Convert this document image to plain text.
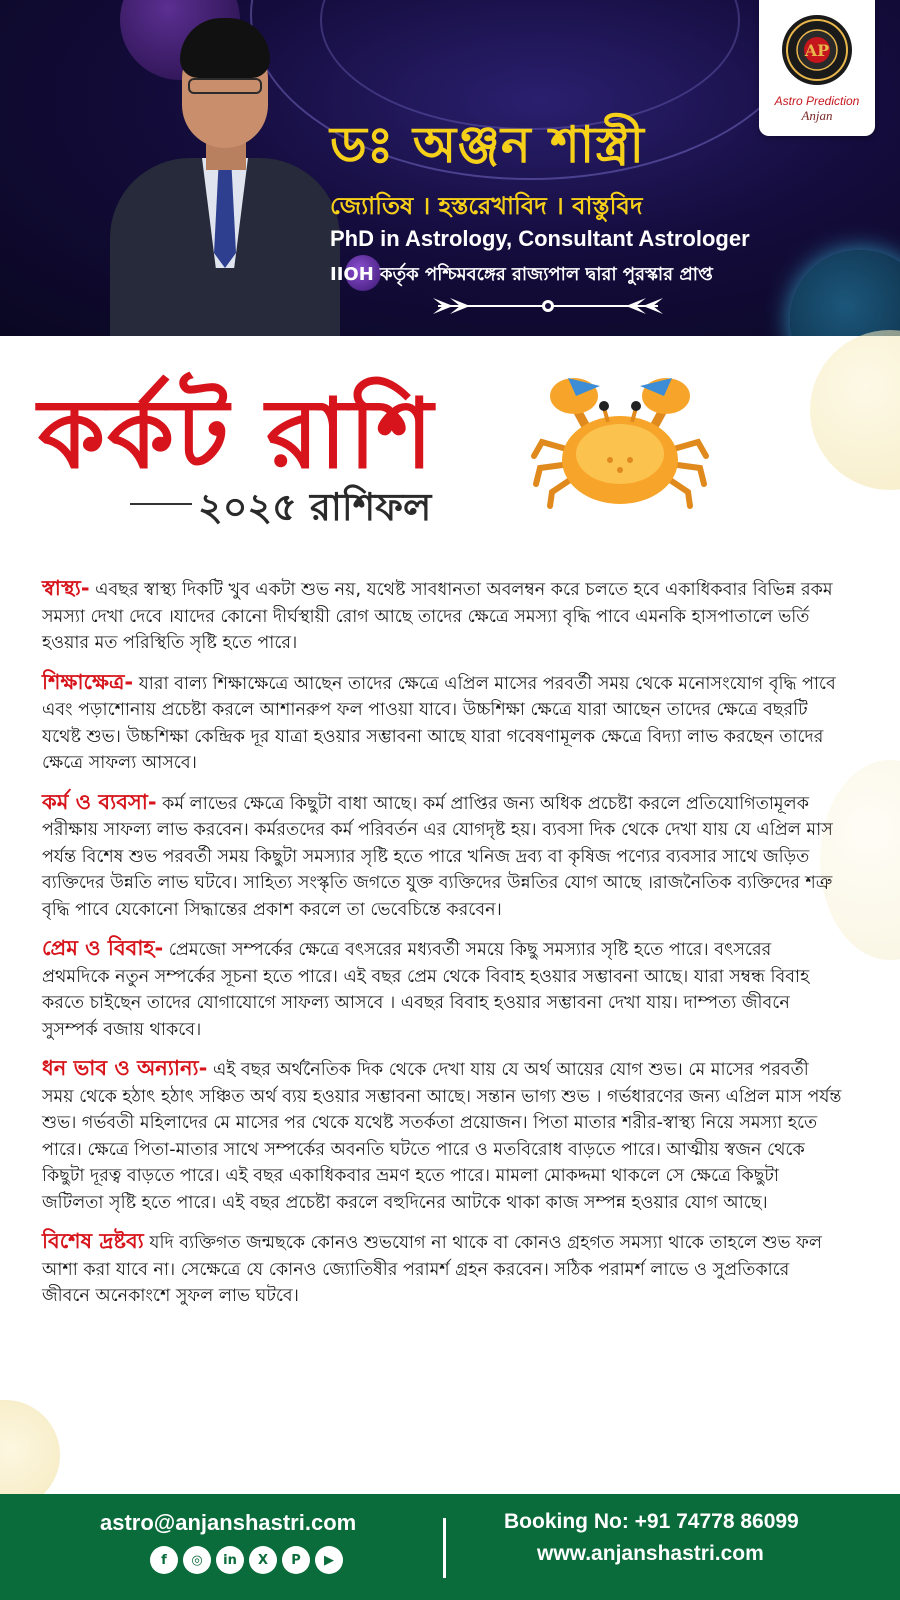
ডঃ অঞ্জন শাস্ত্রী
জ্যোতিষ । হস্তরেখাবিদ । বাস্তুবিদ
PhD in Astrology, Consultant Astrologer
IIOH কর্তৃক পশ্চিমবঙ্গের রাজ্যপাল দ্বারা পুরস্কার প্রাপ্ত
AP
Astro Prediction
Anjan
কর্কট রাশি
২০২৫ রাশিফল

স্বাস্থ্য- এবছর স্বাস্থ্য দিকটি খুব একটা শুভ নয়, যথেষ্ট সাবধানতা অবলম্বন করে চলতে হবে একাধিকবার বিভিন্ন রকম সমস্যা দেখা দেবে ।যাদের কোনো দীর্ঘস্থায়ী রোগ আছে তাদের ক্ষেত্রে সমস্যা বৃদ্ধি পাবে এমনকি হাসপাতালে ভর্তি হওয়ার মত পরিস্থিতি সৃষ্টি হতে পারে।

শিক্ষাক্ষেত্র- যারা বাল্য শিক্ষাক্ষেত্রে আছেন তাদের ক্ষেত্রে এপ্রিল মাসের পরবর্তী সময় থেকে মনোসংযোগ বৃদ্ধি পাবে এবং পড়াশোনায় প্রচেষ্টা করলে আশানরুপ ফল পাওয়া যাবে। উচ্চশিক্ষা ক্ষেত্রে যারা আছেন তাদের ক্ষেত্রে বছরটি যথেষ্ট শুভ। উচ্চশিক্ষা কেন্দ্রিক দূর যাত্রা হওয়ার সম্ভাবনা আছে যারা গবেষণামূলক ক্ষেত্রে বিদ্যা লাভ করছেন তাদের ক্ষেত্রে সাফল্য আসবে।

কর্ম ও ব্যবসা- কর্ম লাভের ক্ষেত্রে কিছুটা বাধা আছে। কর্ম প্রাপ্তির জন্য অধিক প্রচেষ্টা করলে প্রতিযোগিতামূলক পরীক্ষায় সাফল্য লাভ করবেন। কর্মরতদের কর্ম পরিবর্তন এর যোগদৃষ্ট হয়। ব্যবসা দিক থেকে দেখা যায় যে এপ্রিল মাস পর্যন্ত বিশেষ শুভ পরবর্তী সময় কিছুটা সমস্যার সৃষ্টি হতে পারে খনিজ দ্রব্য বা কৃষিজ পণ্যের ব্যবসার সাথে জড়িত ব্যক্তিদের উন্নতি লাভ ঘটবে। সাহিত্য সংস্কৃতি জগতে যুক্ত ব্যক্তিদের উন্নতির যোগ আছে ।রাজনৈতিক ব্যক্তিদের শত্রু বৃদ্ধি পাবে যেকোনো সিদ্ধান্তের প্রকাশ করলে তা ভেবেচিন্তে করবেন।

প্রেম ও বিবাহ- প্রেমজো সম্পর্কের ক্ষেত্রে বৎসরের মধ্যবর্তী সময়ে কিছু সমস্যার সৃষ্টি হতে পারে। বৎসরের প্রথমদিকে নতুন সম্পর্কের সূচনা হতে পারে। এই বছর প্রেম থেকে বিবাহ হওয়ার সম্ভাবনা আছে। যারা সম্বন্ধ বিবাহ করতে চাইছেন তাদের যোগাযোগে সাফল্য আসবে । এবছর বিবাহ হওয়ার সম্ভাবনা দেখা যায়। দাম্পত্য জীবনে সুসম্পর্ক বজায় থাকবে।

ধন ভাব ও অন্যান্য- এই বছর অর্থনৈতিক দিক থেকে দেখা যায় যে অর্থ আয়ের যোগ শুভ। মে মাসের পরবর্তী সময় থেকে হঠাৎ হঠাৎ সঞ্চিত অর্থ ব্যয় হওয়ার সম্ভাবনা আছে। সন্তান ভাগ্য শুভ । গর্ভধারণের জন্য এপ্রিল মাস পর্যন্ত শুভ। গর্ভবতী মহিলাদের মে মাসের পর থেকে যথেষ্ট সতর্কতা প্রয়োজন। পিতা মাতার শরীর-স্বাস্থ্য নিয়ে সমস্যা হতে পারে। ক্ষেত্রে পিতা-মাতার সাথে সম্পর্কের অবনতি ঘটতে পারে ও মতবিরোধ বাড়তে পারে। আত্মীয় স্বজন থেকে কিছুটা দূরত্ব বাড়তে পারে। এই বছর একাধিকবার ভ্রমণ হতে পারে। মামলা মোকদ্দমা থাকলে সে ক্ষেত্রে কিছুটা জটিলতা সৃষ্টি হতে পারে। এই বছর প্রচেষ্টা করলে বহুদিনের আটকে থাকা কাজ সম্পন্ন হওয়ার যোগ আছে।

বিশেষ দ্রষ্টব্য যদি ব্যক্তিগত জন্মছকে কোনও শুভযোগ না থাকে বা কোনও গ্রহগত সমস্যা থাকে তাহলে শুভ ফল আশা করা যাবে না। সেক্ষেত্রে যে কোনও জ্যোতিষীর পরামর্শ গ্রহন করবেন। সঠিক পরামর্শ লাভে ও সুপ্রতিকারে জীবনে অনেকাংশে সুফল লাভ ঘটবে।

astro@anjanshastri.com
f	◎	in	X	P	▶
Booking No: +91 74778 86099
www.anjanshastri.com
